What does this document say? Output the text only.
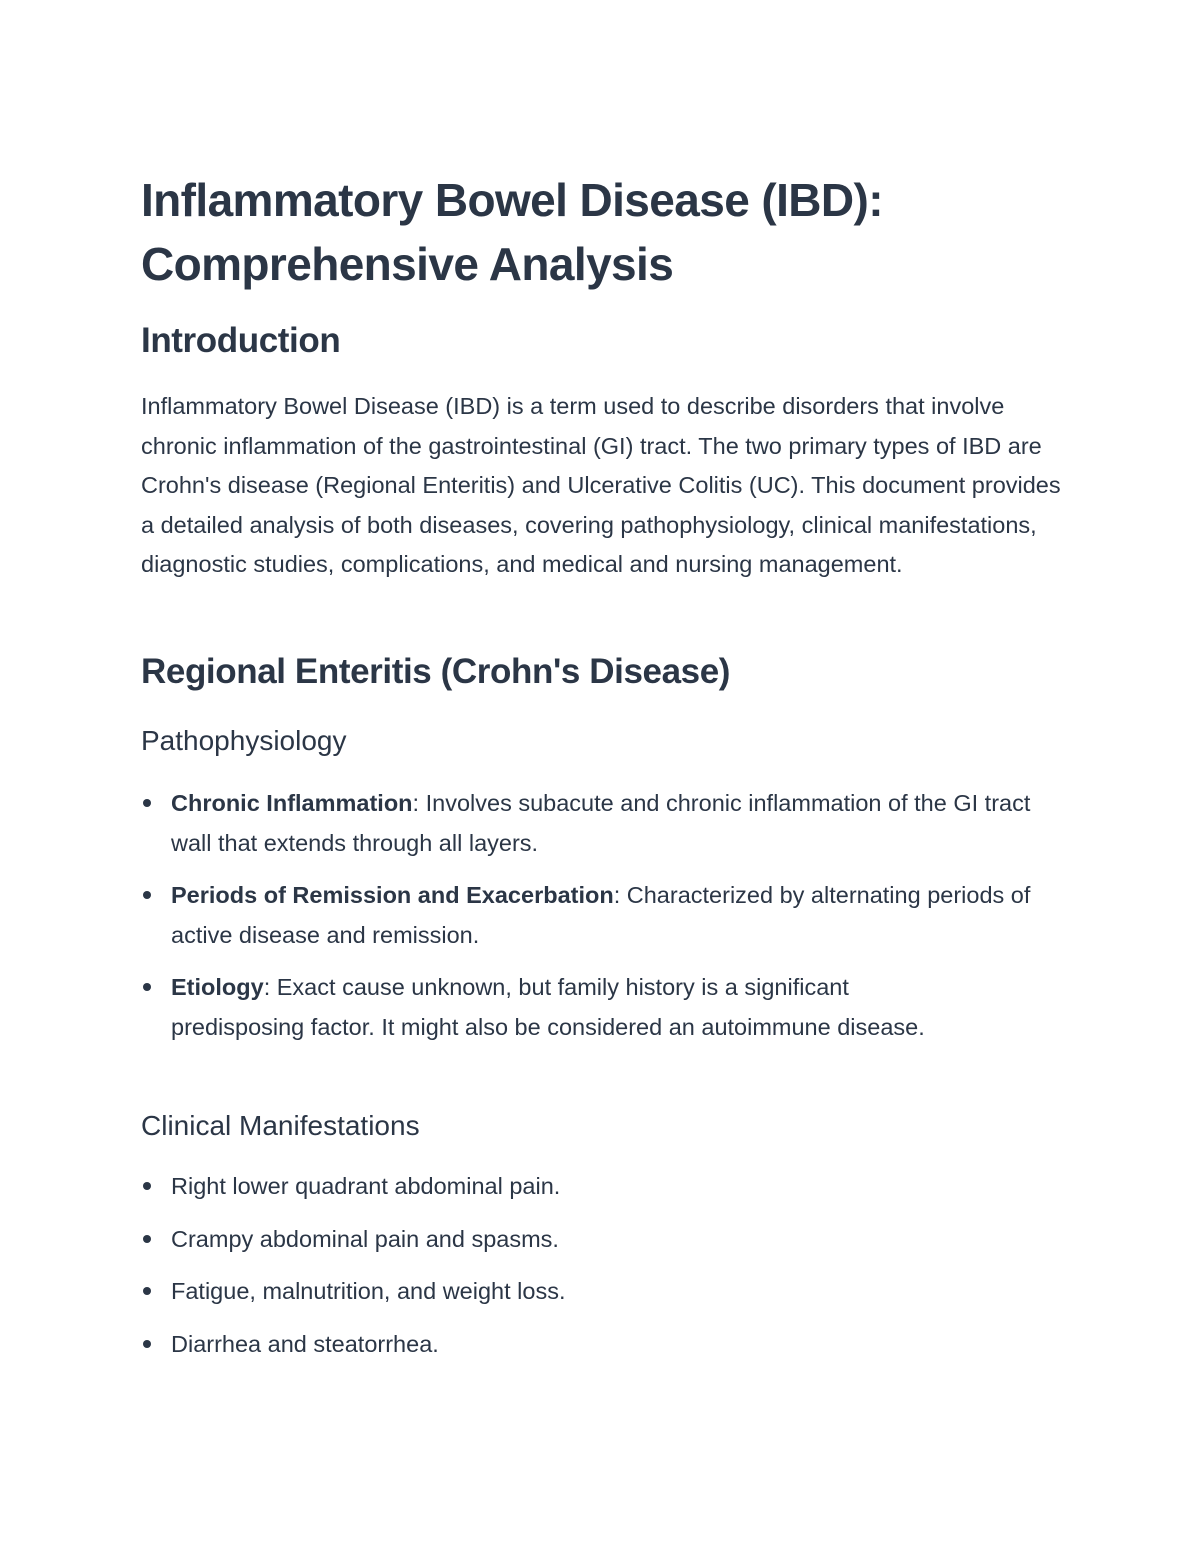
Inflammatory Bowel Disease (IBD): Comprehensive Analysis
Introduction

Inflammatory Bowel Disease (IBD) is a term used to describe disorders that involve chronic inflammation of the gastrointestinal (GI) tract. The two primary types of IBD are Crohn's disease (Regional Enteritis) and Ulcerative Colitis (UC). This document provides a detailed analysis of both diseases, covering pathophysiology, clinical manifestations, diagnostic studies, complications, and medical and nursing management.

Regional Enteritis (Crohn's Disease)
Pathophysiology
Chronic Inflammation: Involves subacute and chronic inflammation of the GI tract wall that extends through all layers.
Periods of Remission and Exacerbation: Characterized by alternating periods of active disease and remission.
Etiology: Exact cause unknown, but family history is a significant predisposing factor. It might also be considered an autoimmune disease.
Clinical Manifestations
Right lower quadrant abdominal pain.
Crampy abdominal pain and spasms.
Fatigue, malnutrition, and weight loss.
Diarrhea and steatorrhea.
